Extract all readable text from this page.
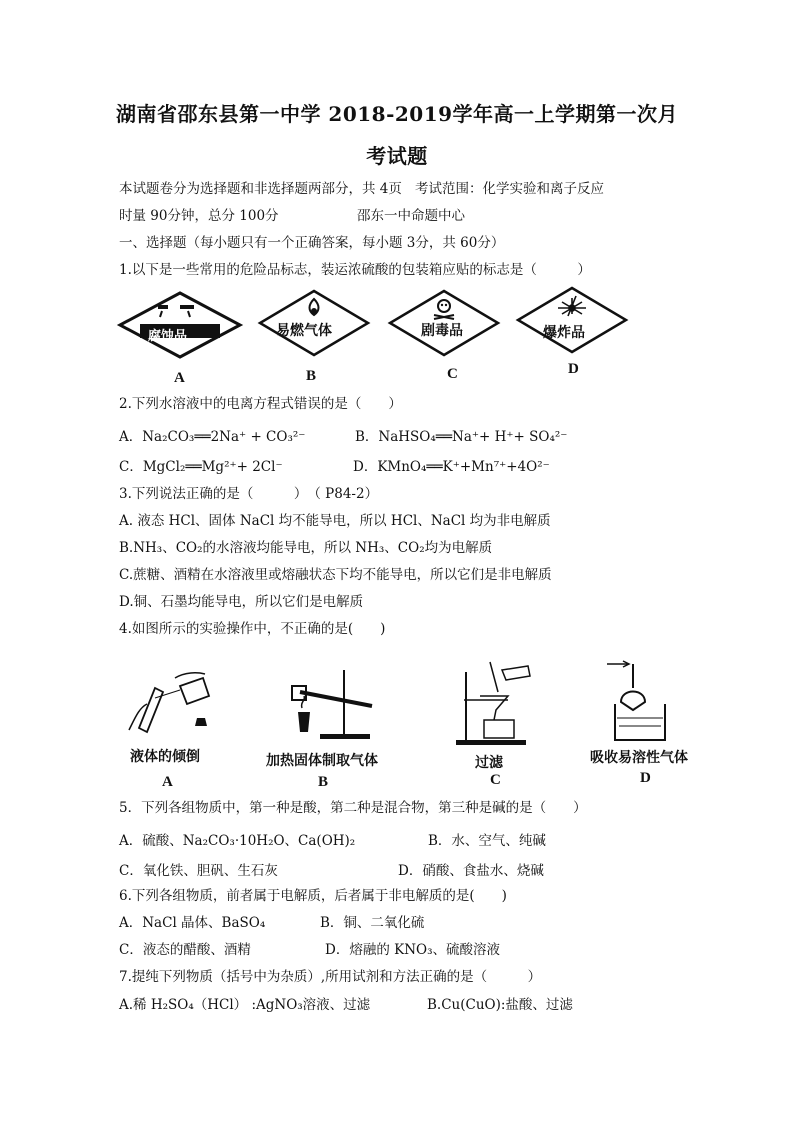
湖南省邵东县第一中学 2018-2019学年高一上学期第一次月
考试题
本试题卷分为选择题和非选择题两部分，共 4页 考试范围：化学实验和离子反应
时量 90分钟，总分 100分	邵东一中命题中心
一、选择题（每小题只有一个正确答案，每小题 3分，共 60分）
1.以下是一些常用的危险品标志，装运浓硫酸的包装箱应贴的标志是（　　　）
腐蚀品
A
易燃气体
B
剧毒品
C
爆炸品
D
2.下列水溶液中的电离方程式错误的是（　　）
A．Na₂CO₃══2Na⁺ + CO₃²⁻	B．NaHSO₄══Na⁺+ H⁺+ SO₄²⁻
C．MgCl₂══Mg²⁺+ 2Cl⁻	D．KMnO₄══K⁺+Mn⁷⁺+4O²⁻
3.下列说法正确的是（　　　）　（ P84-2）
A. 液态 HCl、固体 NaCl 均不能导电，所以 HCl、NaCl 均为非电解质
B.NH₃、CO₂的水溶液均能导电，所以 NH₃、CO₂均为电解质
C.蔗糖、酒精在水溶液里或熔融状态下均不能导电，所以它们是非电解质
D.铜、石墨均能导电，所以它们是电解质
4.如图所示的实验操作中，不正确的是(　　)
液体的倾倒
A
加热固体制取气体
B
过滤
C
吸收易溶性气体
D
5．下列各组物质中，第一种是酸，第二种是混合物，第三种是碱的是（　　）
A．硫酸、Na₂CO₃·10H₂O、Ca(OH)₂	B．水、空气、纯碱
C．氧化铁、胆矾、生石灰	D．硝酸、食盐水、烧碱
6.下列各组物质，前者属于电解质，后者属于非电解质的是(　　)
A．NaCl 晶体、BaSO₄	B．铜、二氧化硫
C．液态的醋酸、酒精	D．熔融的 KNO₃、硫酸溶液
7.提纯下列物质（括号中为杂质）,所用试剂和方法正确的是（　　　）
A.稀 H₂SO₄（HCl） :AgNO₃溶液、过滤	B.Cu(CuO):盐酸、过滤
